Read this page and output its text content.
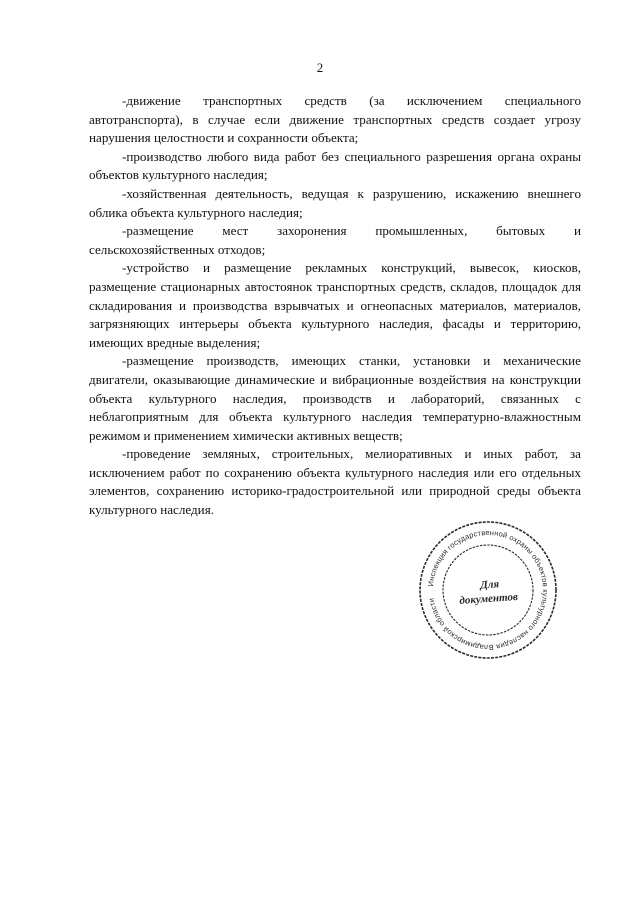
2

-движение транспортных средств (за исключением специального автотранспорта), в случае если движение транспортных средств создает угрозу нарушения целостности и сохранности объекта;

-производство любого вида работ без специального разрешения органа охраны объектов культурного наследия;

-хозяйственная деятельность, ведущая к разрушению, искажению внешнего облика объекта культурного наследия;

-размещение мест захоронения промышленных, бытовых и сельскохозяйственных отходов;

-устройство и размещение рекламных конструкций, вывесок, киосков, размещение стационарных автостоянок транспортных средств, складов, площадок для складирования и производства взрывчатых и огнеопасных материалов, материалов, загрязняющих интерьеры объекта культурного наследия, фасады и территорию, имеющих вредные выделения;

-размещение производств, имеющих станки, установки и механические двигатели, оказывающие динамические и вибрационные воздействия на конструкции объекта культурного наследия, производств и лабораторий, связанных с неблагоприятным для объекта культурного наследия температурно-влажностным режимом и применением химически активных веществ;

-проведение земляных, строительных, мелиоративных и иных работ, за исключением работ по сохранению объекта культурного наследия или его отдельных элементов, сохранению историко-градостроительной или природной среды объекта культурного наследия.

Инспекция государственной охраны объектов культурного наследия Владимирской области
Для
документов
